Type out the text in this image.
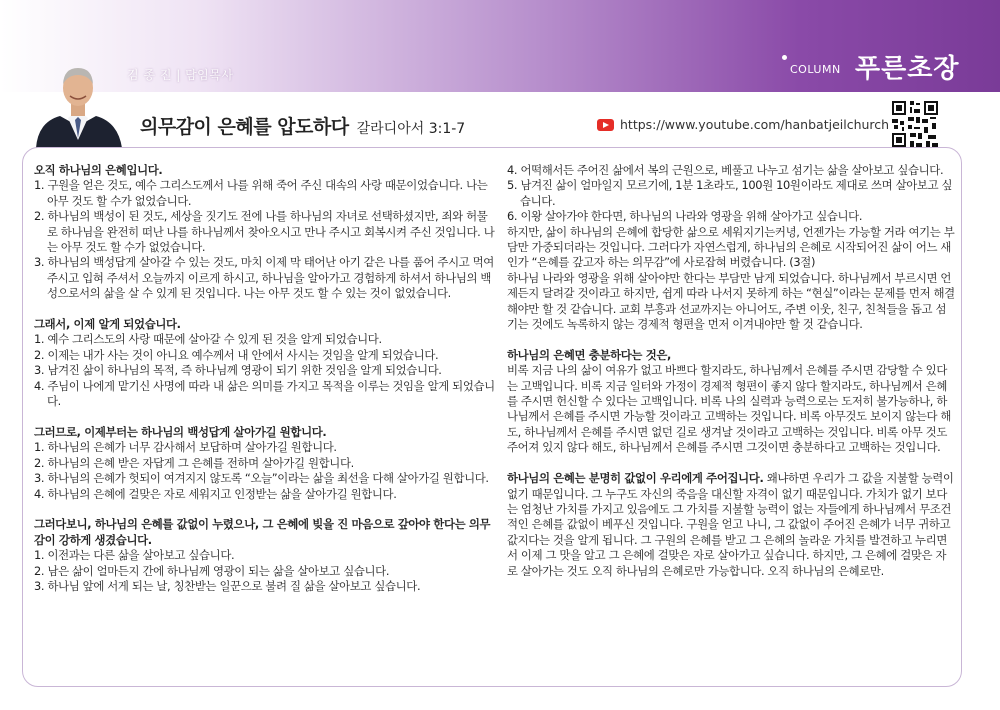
김 종 진 | 담임목사	COLUMN 푸른초장
의무감이 은혜를 압도하다 갈라디아서 3:1-7	https://www.youtube.com/hanbatjeilchurch
오직 하나님의 은혜입니다.
1. 구원을 얻은 것도, 예수 그리스도께서 나를 위해 죽어 주신 대속의 사랑 때문이었습니다. 나는 아무 것도 할 수가 없었습니다.
2. 하나님의 백성이 된 것도, 세상을 짓기도 전에 나를 하나님의 자녀로 선택하셨지만, 죄와 허물로 하나님을 완전히 떠난 나를 하나님께서 찾아오시고 만나 주시고 회복시켜 주신 것입니다. 나는 아무 것도 할 수가 없었습니다.
3. 하나님의 백성답게 살아갈 수 있는 것도, 마치 이제 막 태어난 아기 같은 나를 품어 주시고 먹여 주시고 입혀 주셔서 오늘까지 이르게 하시고, 하나님을 알아가고 경험하게 하셔서 하나님의 백성으로서의 삶을 살 수 있게 된 것입니다. 나는 아무 것도 할 수 있는 것이 없었습니다.
그래서, 이제 알게 되었습니다.
1. 예수 그리스도의 사랑 때문에 살아갈 수 있게 된 것을 알게 되었습니다.
2. 이제는 내가 사는 것이 아니요 예수께서 내 안에서 사시는 것임을 알게 되었습니다.
3. 남겨진 삶이 하나님의 목적, 즉 하나님께 영광이 되기 위한 것임을 알게 되었습니다.
4. 주님이 나에게 맡기신 사명에 따라 내 삶은 의미를 가지고 목적을 이루는 것임을 알게 되었습니다.
그러므로, 이제부터는 하나님의 백성답게 살아가길 원합니다.
1. 하나님의 은혜가 너무 감사해서 보답하며 살아가길 원합니다.
2. 하나님의 은혜 받은 자답게 그 은혜를 전하며 살아가길 원합니다.
3. 하나님의 은혜가 헛되이 여겨지지 않도록 “오늘”이라는 삶을 최선을 다해 살아가길 원합니다.
4. 하나님의 은혜에 걸맞은 자로 세워지고 인정받는 삶을 살아가길 원합니다.
그러다보니, 하나님의 은혜를 값없이 누렸으나, 그 은혜에 빚을 진 마음으로 갚아야 한다는 의무감이 강하게 생겼습니다.
1. 이전과는 다른 삶을 살아보고 싶습니다.
2. 남은 삶이 얼마든지 간에 하나님께 영광이 되는 삶을 살아보고 싶습니다.
3. 하나님 앞에 서게 되는 날, 칭찬받는 일꾼으로 불려 질 삶을 살아보고 싶습니다.
4. 어떡해서든 주어진 삶에서 복의 근원으로, 베풀고 나누고 섬기는 삶을 살아보고 싶습니다.
5. 남겨진 삶이 얼마일지 모르기에, 1분 1초라도, 100원 10원이라도 제대로 쓰며 살아보고 싶습니다.
6. 이왕 살아가야 한다면, 하나님의 나라와 영광을 위해 살아가고 싶습니다.

하지만, 삶이 하나님의 은혜에 합당한 삶으로 세워지기는커녕, 언젠가는 가능할 거라 여기는 부담만 가중되더라는 것입니다. 그러다가 자연스럽게, 하나님의 은혜로 시작되어진 삶이 어느 새인가 “은혜를 갚고자 하는 의무감”에 사로잡혀 버렸습니다. (3절)

하나님 나라와 영광을 위해 살아야만 한다는 부담만 남게 되었습니다. 하나님께서 부르시면 언제든지 달려갈 것이라고 하지만, 쉽게 따라 나서지 못하게 하는 “현실”이라는 문제를 먼저 해결해야만 할 것 같습니다. 교회 부흥과 선교까지는 아니어도, 주변 이웃, 친구, 친척들을 돕고 섬기는 것에도 녹록하지 않는 경제적 형편을 먼저 이겨내야만 할 것 같습니다.

하나님의 은혜면 충분하다는 것은,

비록 지금 나의 삶이 여유가 없고 바쁘다 할지라도, 하나님께서 은혜를 주시면 감당할 수 있다는 고백입니다. 비록 지금 일터와 가정이 경제적 형편이 좋지 않다 할지라도, 하나님께서 은혜를 주시면 헌신할 수 있다는 고백입니다. 비록 나의 실력과 능력으로는 도저히 불가능하나, 하나님께서 은혜를 주시면 가능할 것이라고 고백하는 것입니다. 비록 아무것도 보이지 않는다 해도, 하나님께서 은혜를 주시면 없던 길로 생겨날 것이라고 고백하는 것입니다. 비록 아무 것도 주어져 있지 않다 해도, 하나님께서 은혜를 주시면 그것이면 충분하다고 고백하는 것입니다.

하나님의 은혜는 분명히 값없이 우리에게 주어집니다. 왜냐하면 우리가 그 값을 지불할 능력이 없기 때문입니다. 그 누구도 자신의 죽음을 대신할 자격이 없기 때문입니다. 가치가 없기 보다는 엄청난 가치를 가지고 있음에도 그 가치를 지불할 능력이 없는 자들에게 하나님께서 무조건적인 은혜를 값없이 베푸신 것입니다. 구원을 얻고 나니, 그 값없이 주어진 은혜가 너무 귀하고 값지다는 것을 알게 됩니다. 그 구원의 은혜를 받고 그 은혜의 놀라운 가치를 발견하고 누리면서 이제 그 맛을 알고 그 은혜에 걸맞은 자로 살아가고 싶습니다. 하지만, 그 은혜에 걸맞은 자로 살아가는 것도 오직 하나님의 은혜로만 가능합니다. 오직 하나님의 은혜로만.
